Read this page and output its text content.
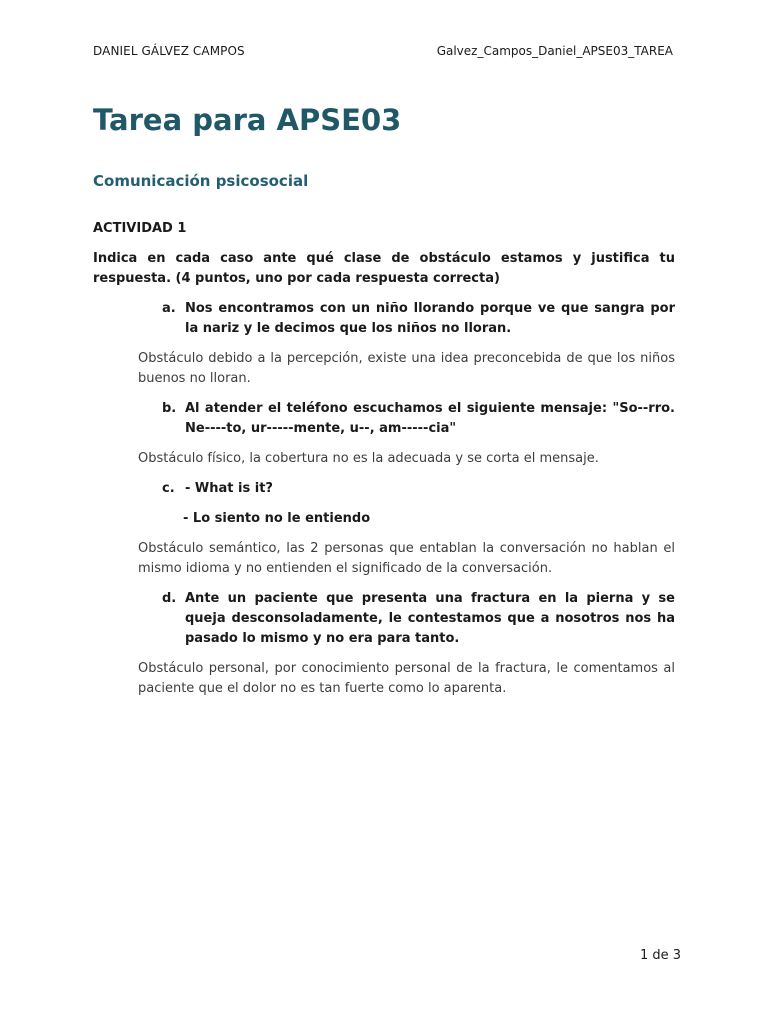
DANIEL GÁLVEZ CAMPOS	Galvez_Campos_Daniel_APSE03_TAREA
Tarea para APSE03
Comunicación psicosocial
ACTIVIDAD 1
Indica en cada caso ante qué clase de obstáculo estamos y justifica tu respuesta. (4 puntos, uno por cada respuesta correcta)
a. Nos encontramos con un niño llorando porque ve que sangra por la nariz y le decimos que los niños no lloran.
Obstáculo debido a la percepción, existe una idea preconcebida de que los niños buenos no lloran.
b. Al atender el teléfono escuchamos el siguiente mensaje: "So--rro. Ne----to, ur-----mente, u--, am-----cia"
Obstáculo físico, la cobertura no es la adecuada y se corta el mensaje.
c. - What is it?
- Lo siento no le entiendo
Obstáculo semántico, las 2 personas que entablan la conversación no hablan el mismo idioma y no entienden el significado de la conversación.
d. Ante un paciente que presenta una fractura en la pierna y se queja desconsoladamente, le contestamos que a nosotros nos ha pasado lo mismo y no era para tanto.
Obstáculo personal, por conocimiento personal de la fractura, le comentamos al paciente que el dolor no es tan fuerte como lo aparenta.
1 de 3
